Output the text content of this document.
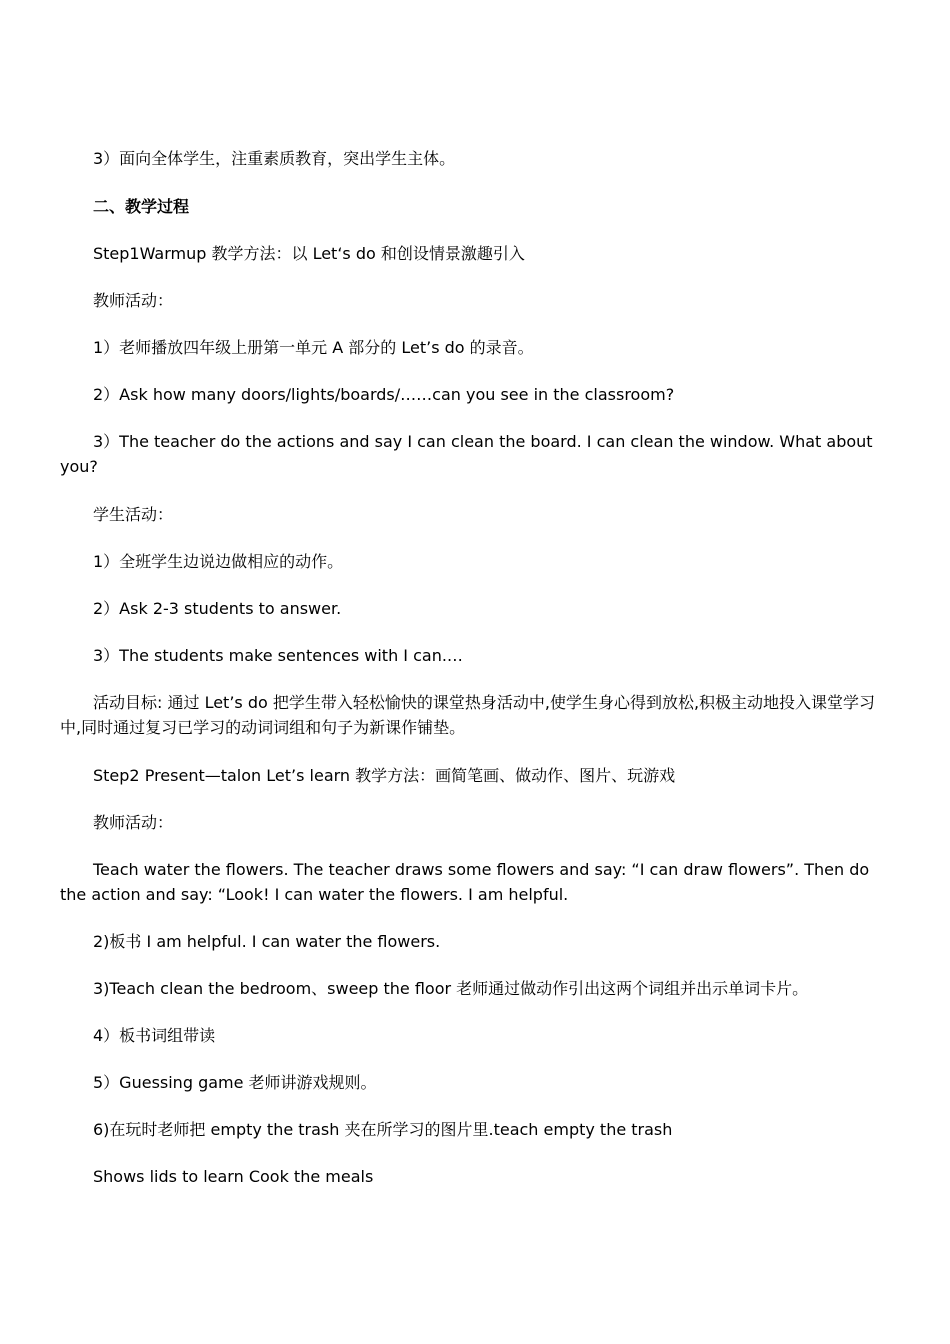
3）面向全体学生，注重素质教育，突出学生主体。

二、教学过程

Step1Warmup 教学方法：以 Let‘s do 和创设情景激趣引入

教师活动：

1）老师播放四年级上册第一单元 A 部分的 Let’s do 的录音。

2）Ask how many doors/lights/boards/……can you see in the classroom?

3）The teacher do the actions and say I can clean the board. I can clean the window. What about you?

学生活动：

1）全班学生边说边做相应的动作。

2）Ask 2-3 students to answer.

3）The students make sentences with I can.…

活动目标: 通过 Let’s do 把学生带入轻松愉快的课堂热身活动中,使学生身心得到放松,积极主动地投入课堂学习中,同时通过复习已学习的动词词组和句子为新课作铺垫。

Step2 Present—talon Let’s learn 教学方法：画简笔画、做动作、图片、玩游戏

教师活动：

Teach water the flowers. The teacher draws some flowers and say: “I can draw flowers”. Then do the action and say: “Look! I can water the flowers. I am helpful.

2)板书 I am helpful. I can water the flowers.

3)Teach clean the bedroom、sweep the floor 老师通过做动作引出这两个词组并出示单词卡片。

4）板书词组带读

5）Guessing game 老师讲游戏规则。

6)在玩时老师把 empty the trash 夹在所学习的图片里.teach empty the trash

Shows lids to learn Cook the meals
